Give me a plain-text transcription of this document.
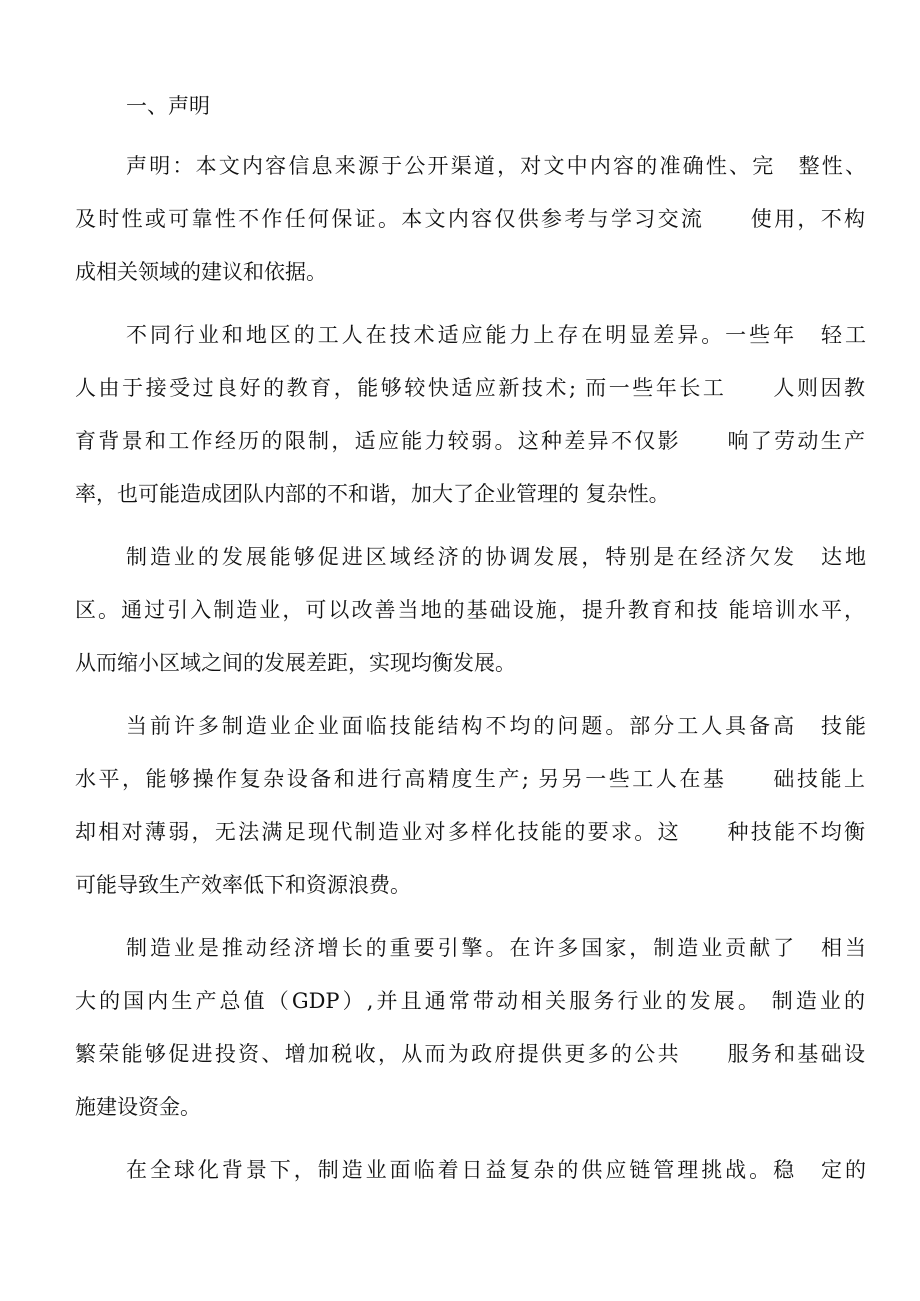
一、声明
声明：本文内容信息来源于公开渠道，对文中内容的准确性、完　整性、
及时性或可靠性不作任何保证。本文内容仅供参考与学习交流　　使用，不构
成相关领域的建议和依据。
不同行业和地区的工人在技术适应能力上存在明显差异。一些年　轻工
人由于接受过良好的教育，能够较快适应新技术; 而一些年长工　　人则因教
育背景和工作经历的限制，适应能力较弱。这种差异不仅影　　响了劳动生产
率，也可能造成团队内部的不和谐，加大了企业管理的 复杂性。
制造业的发展能够促进区域经济的协调发展，特别是在经济欠发　达地
区。通过引入制造业，可以改善当地的基础设施，提升教育和技 能培训水平，
从而缩小区域之间的发展差距，实现均衡发展。
当前许多制造业企业面临技能结构不均的问题。部分工人具备高　技能
水平，能够操作复杂设备和进行高精度生产; 另另一些工人在基　　础技能上
却相对薄弱，无法满足现代制造业对多样化技能的要求。这　　种技能不均衡
可能导致生产效率低下和资源浪费。
制造业是推动经济增长的重要引擎。在许多国家，制造业贡献了　相当
大的国内生产总值（GDP）,并且通常带动相关服务行业的发展。 制造业的
繁荣能够促进投资、增加税收，从而为政府提供更多的公共　　服务和基础设
施建设资金。
在全球化背景下，制造业面临着日益复杂的供应链管理挑战。稳　定的
